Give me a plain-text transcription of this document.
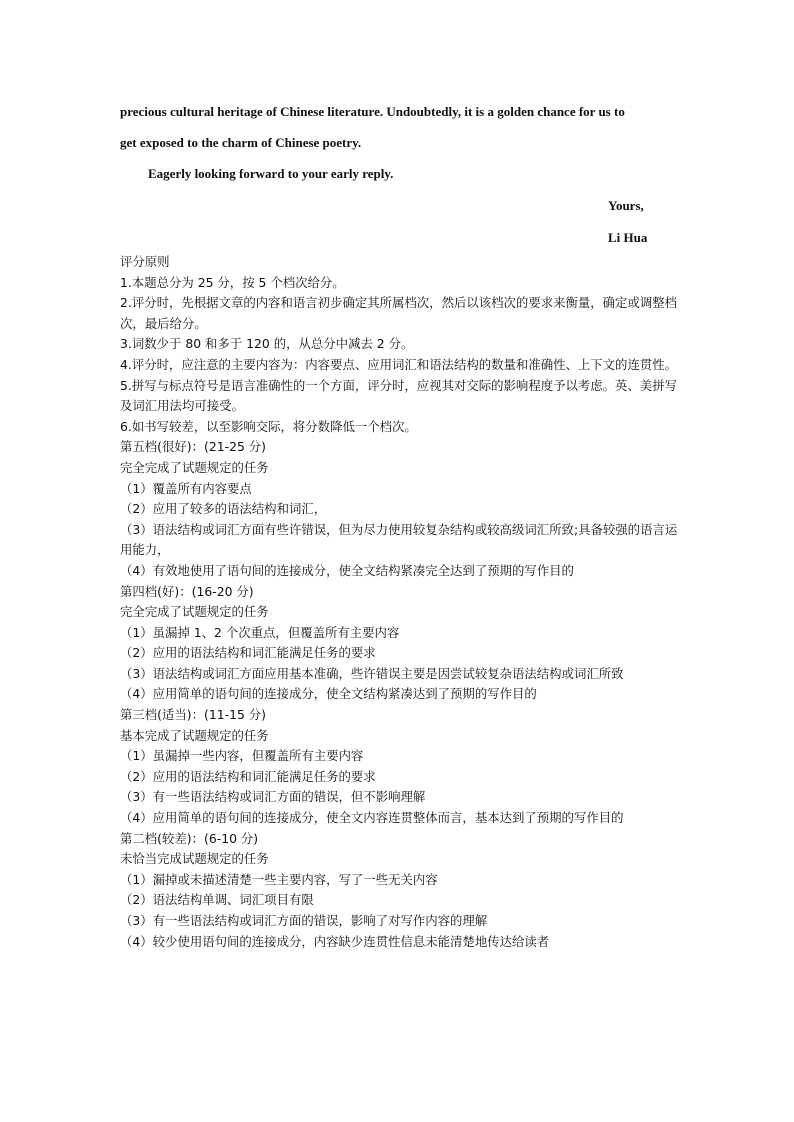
precious cultural heritage of Chinese literature. Undoubtedly, it is a golden chance for us to
get exposed to the charm of Chinese poetry.
Eagerly looking forward to your early reply.
Yours,
Li Hua
评分原则
1.本题总分为 25 分，按 5 个档次给分。
2.评分时，先根据文章的内容和语言初步确定其所属档次，然后以该档次的要求来衡量，确定或调整档次，最后给分。
3.词数少于 80 和多于 120 的，从总分中减去 2 分。
4.评分时，应注意的主要内容为：内容要点、应用词汇和语法结构的数量和准确性、上下文的连贯性。
5.拼写与标点符号是语言准确性的一个方面，评分时，应视其对交际的影响程度予以考虑。英、美拼写及词汇用法均可接受。
6.如书写较差，以至影响交际，将分数降低一个档次。
第五档(很好)：(21-25 分)
完全完成了试题规定的任务
（1）覆盖所有内容要点
（2）应用了较多的语法结构和词汇，
（3）语法结构或词汇方面有些许错误，但为尽力使用较复杂结构或较高级词汇所致;具备较强的语言运用能力，
（4）有效地使用了语句间的连接成分，使全文结构紧凑完全达到了预期的写作目的
第四档(好)：(16-20 分)
完全完成了试题规定的任务
（1）虽漏掉 1、2 个次重点，但覆盖所有主要内容
（2）应用的语法结构和词汇能满足任务的要求
（3）语法结构或词汇方面应用基本准确，些许错误主要是因尝试较复杂语法结构或词汇所致
（4）应用简单的语句间的连接成分，使全文结构紧凑达到了预期的写作目的
第三档(适当)：(11-15 分)
基本完成了试题规定的任务
（1）虽漏掉一些内容，但覆盖所有主要内容
（2）应用的语法结构和词汇能满足任务的要求
（3）有一些语法结构或词汇方面的错误，但不影响理解
（4）应用简单的语句间的连接成分，使全文内容连贯整体而言，基本达到了预期的写作目的
第二档(较差)：(6-10 分)
未恰当完成试题规定的任务
（1）漏掉或未描述清楚一些主要内容，写了一些无关内容
（2）语法结构单调、词汇项目有限
（3）有一些语法结构或词汇方面的错误，影响了对写作内容的理解
（4）较少使用语句间的连接成分，内容缺少连贯性信息未能清楚地传达给读者
